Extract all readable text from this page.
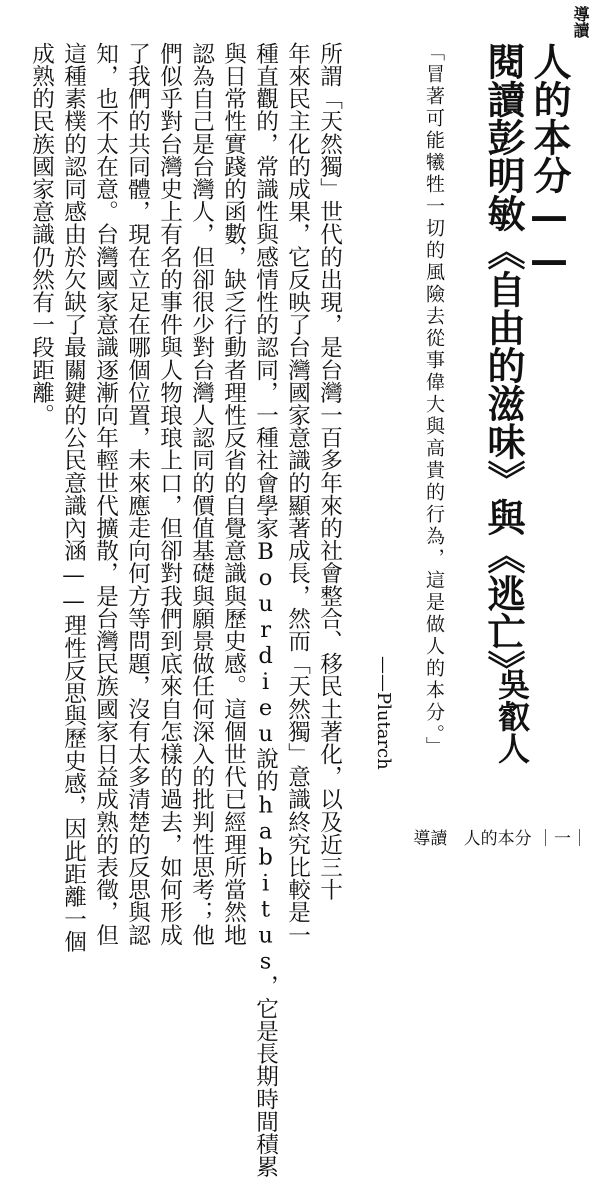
導讀
人的本分——
閱讀彭明敏《自由的滋味》與《逃亡》
「冒著可能犧牲一切的風險去從事偉大與高貴的行為，這是做人的本分。」
——Plutarch	吳叡人
所謂「天然獨」世代的出現，是台灣一百多年來的社會整合、移民土著化，以及近三十
年來民主化的成果，它反映了台灣國家意識的顯著成長，然而「天然獨」意識終究比較是一
種直觀的，常識性與感情性的認同，一種社會學家Bourdieu說的habitus，它是長期時間積累
與日常性實踐的函數，缺乏行動者理性反省的自覺意識與歷史感。這個世代已經理所當然地
認為自己是台灣人，但卻很少對台灣人認同的價值基礎與願景做任何深入的批判性思考；他
們似乎對台灣史上有名的事件與人物琅琅上口，但卻對我們到底來自怎樣的過去，如何形成
了我們的共同體，現在立足在哪個位置，未來應走向何方等問題，沒有太多清楚的反思與認
知，也不太在意。台灣國家意識逐漸向年輕世代擴散，是台灣民族國家日益成熟的表徵，但
這種素樸的認同感由於欠缺了最關鍵的公民意識內涵——理性反思與歷史感，因此距離一個
成熟的民族國家意識仍然有一段距離。
導讀 人的本分 ｜一｜
